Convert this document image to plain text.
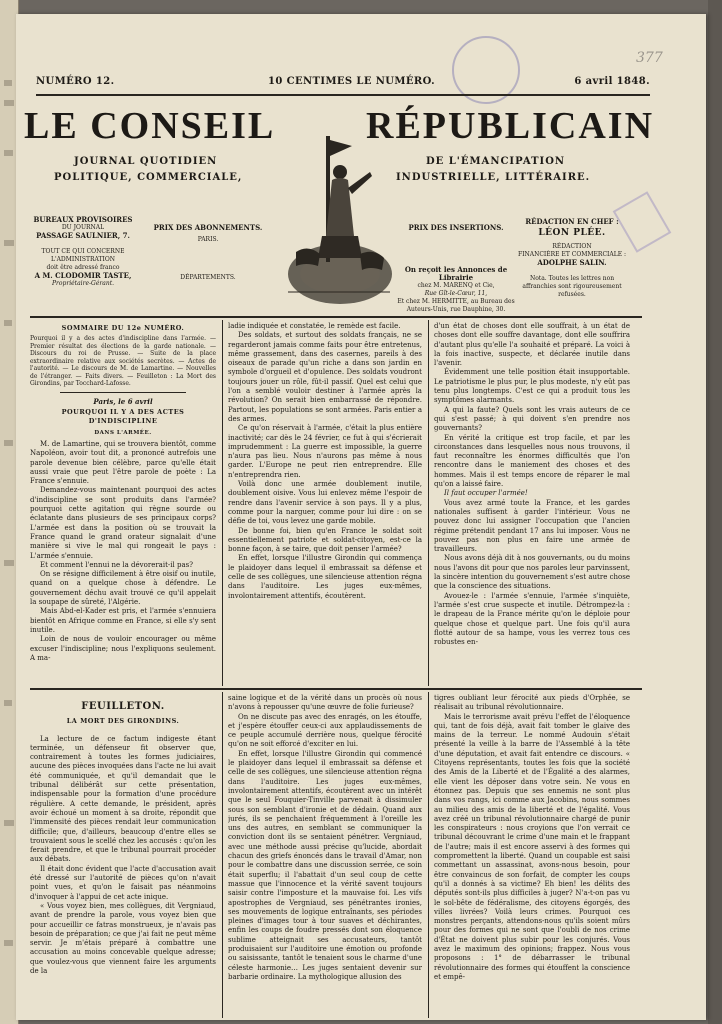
377
NUMÉRO 12.	10 CENTIMES LE NUMÉRO.	6 avril 1848.
LE CONSEIL RÉPUBLICAIN
JOURNAL QUOTIDIEN
POLITIQUE, COMMERCIALE,
DE L'ÉMANCIPATION
INDUSTRIELLE, LITTÉRAIRE.
BUREAUX PROVISOIRES
DU JOURNAL
PASSAGE SAULNIER, 7.
TOUT CE QUI CONCERNE L'ADMINISTRATION
doit être adressé franco
A M. CLODOMIR TASTE,
Propriétaire-Gérant.
PRIX DES ABONNEMENTS.
PARIS.
DÉPARTEMENTS.
PRIX DES INSERTIONS.
On reçoit les Annonces de Librairie
chez M. MARENQ et Cie,
Rue Gît-le-Cœur, 11,
Et chez M. HERMITTE, au Bureau des
Auteurs-Unis, rue Dauphine, 30.
RÉDACTION EN CHEF :
LÉON PLÉE.
RÉDACTION
FINANCIÈRE ET COMMERCIALE :
ADOLPHE SALIN.
Nota. Toutes les lettres non affranchies sont rigoureusement refusées.
SOMMAIRE DU 12e NUMÉRO.
Pourquoi il y a des actes d'indiscipline dans l'armée. — Premier résultat des élections de la garde nationale. — Discours du roi de Prusse. — Suite de la place extraordinaire relative aux sociétés secrètes. — Actes de l'autorité. — Le discours de M. de Lamartine. — Nouvelles de l'étranger. — Faits divers. — Feuilleton : La Mort des Girondins, par Tocchard-Lafosse.
Paris, le 6 avril
POURQUOI IL Y A DES ACTES D'INDISCIPLINE
DANS L'ARMÉE.

M. de Lamartine, qui se trouvera bientôt, comme Napoléon, avoir tout dit, a prononcé autrefois une parole devenue bien célèbre, parce qu'elle était aussi vraie que peut l'être parole de poète : La France s'ennuie.

Demandez-vous maintenant pourquoi des actes d'indiscipline se sont produits dans l'armée? pourquoi cette agitation qui règne sourde ou éclatante dans plusieurs de ses principaux corps? L'armée est dans la position où se trouvait la France quand le grand orateur signalait d'une manière si vive le mal qui rongeait le pays : L'armée s'ennuie.

Et comment l'ennui ne la dévorerait-il pas?

On se résigne difficilement à être oisif ou inutile, quand on a quelque chose à défendre. Le gouvernement déchu avait trouvé ce qu'il appelait la soupape de sûreté, l'Algérie.

Mais Abd-el-Kader est pris, et l'armée s'ennuiera bientôt en Afrique comme en France, si elle s'y sent inutile.

Loin de nous de vouloir encourager ou même excuser l'indiscipline; nous l'expliquons seulement. A ma-

ladie indiquée et constatée, le remède est facile.

Des soldats, et surtout des soldats français, ne se regarderont jamais comme faits pour être entretenus, même grassement, dans des casernes, pareils à des oiseaux de parade qu'un riche a dans son jardin en symbole d'orgueil et d'opulence. Des soldats voudront toujours jouer un rôle, fût-il passif. Quel est celui que l'on a semblé vouloir destiner à l'armée après la révolution? On serait bien embarrassé de répondre. Partout, les populations se sont armées. Paris entier a des armes.

Ce qu'on réservait à l'armée, c'était la plus entière inactivité; car dès le 24 février, ce fut à qui s'écrierait imprudemment : La guerre est impossible, la guerre n'aura pas lieu. Nous n'aurons pas même à nous garder. L'Europe ne peut rien entreprendre. Elle n'entreprendra rien.

Voilà donc une armée doublement inutile, doublement oisive. Vous lui enlevez même l'espoir de rendre dans l'avenir service à son pays. Il y a plus, comme pour la narguer, comme pour lui dire : on se défie de toi, vous levez une garde mobile.

De bonne foi, bien qu'en France le soldat soit essentiellement patriote et soldat-citoyen, est-ce la bonne façon, à se taire, que doit penser l'armée?

En effet, lorsque l'illustre Girondin qui commença le plaidoyer dans lequel il embrassait sa défense et celle de ses collègues, une silencieuse attention régna dans l'auditoire. Les juges eux-mêmes, involontairement attentifs, écoutèrent.

d'un état de choses dont elle souffrait, à un état de choses dont elle souffre davantage, dont elle souffrira d'autant plus qu'elle l'a souhaité et préparé. La voici à la fois inactive, suspecte, et déclarée inutile dans l'avenir.

Évidemment une telle position était insupportable. Le patriotisme le plus pur, le plus modeste, n'y eût pas tenu plus longtemps. C'est ce qui a produit tous les symptômes alarmants.

A qui la faute? Quels sont les vrais auteurs de ce qui s'est passé; à qui doivent s'en prendre nos gouvernants?

En vérité la critique est trop facile, et par les circonstances dans lesquelles nous nous trouvons, il faut reconnaître les énormes difficultés que l'on rencontre dans le maniement des choses et des hommes. Mais il est temps encore de réparer le mal qu'on a laissé faire.

Il faut occuper l'armée!

Vous avez armé toute la France, et les gardes nationales suffisent à garder l'intérieur. Vous ne pouvez donc lui assigner l'occupation que l'ancien régime prétendit pendant 17 ans lui imposer. Vous ne pouvez pas non plus en faire une armée de travailleurs.

Nous avons déjà dit à nos gouvernants, ou du moins nous l'avons dit pour que nos paroles leur parvinssent, la sincère intention du gouvernement s'est autre chose que la conscience des situations.

Avouez-le : l'armée s'ennuie, l'armée s'inquiète, l'armée s'est crue suspecte et inutile. Détrompez-la : le drapeau de la France mérite qu'on le déploie pour quelque chose et quelque part. Une fois qu'il aura flotté autour de sa hampe, vous les verrez tous ces robustes en-

FEUILLETON.
LA MORT DES GIRONDINS.

La lecture de ce factum indigeste étant terminée, un défenseur fit observer que, contrairement à toutes les formes judiciaires, aucune des pièces invoquées dans l'acte ne lui avait été communiquée, et qu'il demandait que le tribunal délibérât sur cette présentation, indispensable pour la formation d'une procédure régulière. A cette demande, le président, après avoir échoué un moment à sa droite, répondit que l'immensité des pièces rendait leur communication difficile; que, d'ailleurs, beaucoup d'entre elles se trouvaient sous le scellé chez les accusés : qu'on les ferait prendre, et que le tribunal pourrait procéder aux débats.

Il était donc évident que l'acte d'accusation avait été dressé sur l'autorité de pièces qu'on n'avait point vues, et qu'on le faisait pas néanmoins d'invoquer à l'appui de cet acte inique.

« Vous voyez bien, mes collègues, dit Vergniaud, avant de prendre la parole, vous voyez bien que pour accueillir ce fatras monstrueux, je n'avais pas besoin de préparation; ce que j'ai fait ne peut même servir. Je m'étais préparé à combattre une accusation au moins concevable quelque adresse; que voulez-vous que viennent faire les arguments de la

saine logique et de la vérité dans un procès où nous n'avons à repousser qu'une œuvre de folie furieuse?

On ne discute pas avec des enragés, on les étouffe, et j'espère étouffer ceux-ci aux applaudissements de ce peuple accumulé derrière nous, quelque férocité qu'on ne soit efforcé d'exciter en lui.

En effet, lorsque l'illustre Girondin qui commencé le plaidoyer dans lequel il embrassait sa défense et celle de ses collègues, une silencieuse attention régna dans l'auditoire. Les juges eux-mêmes, involontairement attentifs, écoutèrent avec un intérêt que le seul Fouquier-Tinville parvenait à dissimuler sous son semblant d'ironie et de dédain. Quand aux jurés, ils se penchaient fréquemment à l'oreille les uns des autres, en semblant se communiquer la conviction dont ils se sentaient pénétrer. Vergniaud, avec une méthode aussi précise qu'lucide, abordait chacun des griefs énoncés dans le travail d'Amar, non pour le combattre dans une discussion serrée, ce soin était superflu; il l'abattait d'un seul coup de cette massue que l'innocence et la vérité savent toujours saisir contre l'imposture et la mauvaise foi. Les vifs apostrophes de Vergniaud, ses pénétrantes ironies, ses mouvements de logique entraînants, ses périodes pleines d'images tour à tour suaves et déchirantes, enfin les coups de foudre pressés dont son éloquence sublime atteignait ses accusateurs, tantôt produisaient sur l'auditoire une émotion ou profonde ou saisissante, tantôt le tenaient sous le charme d'une céleste harmonie… Les juges sentaient devenir sur barbarie ordinaire. La mythologique allusion des

tigres oubliant leur férocité aux pieds d'Orphée, se réalisait au tribunal révolutionnaire.

Mais le terrorisme avait prévu l'effet de l'éloquence qui, tant de fois déjà, avait fait tomber le glaive des mains de la terreur. Le nommé Audouin s'était présenté la veille à la barre de l'Assemblé à la tête d'une députation, et avait fait entendre ce discours. « Citoyens représentants, toutes les fois que la société des Amis de la Liberté et de l'Égalité a des alarmes, elle vient les déposer dans votre sein. Ne vous en étonnez pas. Depuis que ses ennemis ne sont plus dans vos rangs, ici comme aux Jacobins, nous sommes au milieu des amis de la liberté et de l'égalité. Vous avez créé un tribunal révolutionnaire chargé de punir les conspirateurs : nous croyions que l'on verrait ce tribunal découvrant le crime d'une main et le frappant de l'autre; mais il est encore asservi à des formes qui compromettent la liberté. Quand un coupable est saisi commettant un assassinat, avons-nous besoin, pour être convaincus de son forfait, de compter les coups qu'il a donnés à sa victime? Eh bien! les délits des députés sont-ils plus difficiles à juger? N'a-t-on pas vu le sol-bête de fédéralisme, des citoyens égorgés, des villes livrées? Voilà leurs crimes. Pourquoi ces monstres perçants, attendons-nous qu'ils soient mûrs pour des formes qui ne sont que l'oubli de nos crime d'État ne doivent plus subir pour les conjurés. Vous avez le maximum des opinions; frappez. Nous vous proposons : 1° de débarrasser le tribunal révolutionnaire des formes qui étouffent la conscience et empê-
